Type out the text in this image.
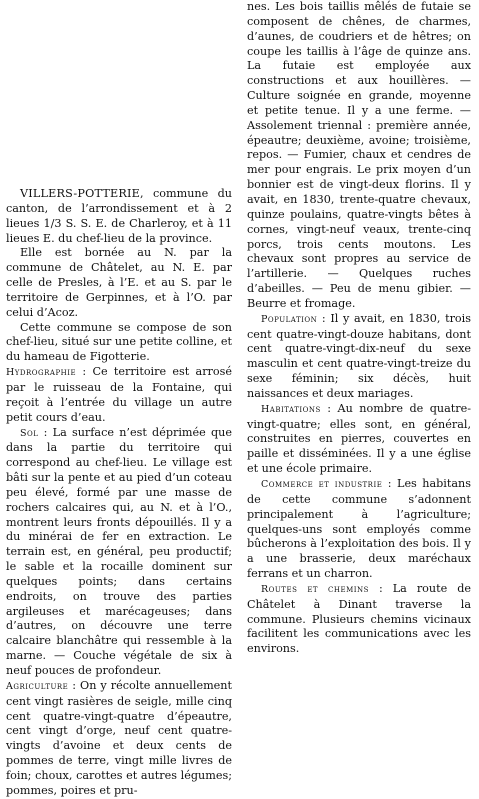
VILLERS-POTTERIE, commune du canton, de l’arrondissement et à 2 lieues 1/3 S. S. E. de Charleroy, et à 11 lieues E. du chef-lieu de la province.

Elle est bornée au N. par la commune de Châtelet, au N. E. par celle de Presles, à l’E. et au S. par le territoire de Gerpinnes, et à l’O. par celui d’Acoz.

Cette commune se compose de son chef-lieu, situé sur une petite colline, et du hameau de Figotterie.

Hydrographie : Ce territoire est arrosé par le ruisseau de la Fontaine, qui reçoit à l’entrée du village un autre petit cours d’eau.

Sol : La surface n’est déprimée que dans la partie du territoire qui correspond au chef-lieu. Le village est bâti sur la pente et au pied d’un coteau peu élevé, formé par une masse de rochers calcaires qui, au N. et à l’O., montrent leurs fronts dépouillés. Il y a du minérai de fer en extraction. Le terrain est, en général, peu productif; le sable et la rocaille dominent sur quelques points; dans certains endroits, on trouve des parties argileuses et marécageuses; dans d’autres, on découvre une terre calcaire blanchâtre qui ressemble à la marne. — Couche végétale de six à neuf pouces de profondeur.

Agriculture : On y récolte annuellement cent vingt rasières de seigle, mille cinq cent quatre-vingt-quatre d’épeautre, cent vingt d’orge, neuf cent quatre-vingts d’avoine et deux cents de pommes de terre, vingt mille livres de foin; choux, carottes et autres légumes; pommes, poires et pru-

nes. Les bois taillis mêlés de futaie se composent de chênes, de charmes, d’aunes, de coudriers et de hêtres; on coupe les taillis à l’âge de quinze ans. La futaie est employée aux constructions et aux houillères. — Culture soignée en grande, moyenne et petite tenue. Il y a une ferme. — Assolement triennal : première année, épeautre; deuxième, avoine; troisième, repos. — Fumier, chaux et cendres de mer pour engrais. Le prix moyen d’un bonnier est de vingt-deux florins. Il y avait, en 1830, trente-quatre chevaux, quinze poulains, quatre-vingts bêtes à cornes, vingt-neuf veaux, trente-cinq porcs, trois cents moutons. Les chevaux sont propres au service de l’artillerie. — Quelques ruches d’abeilles. — Peu de menu gibier. — Beurre et fromage.

Population : Il y avait, en 1830, trois cent quatre-vingt-douze habitans, dont cent quatre-vingt-dix-neuf du sexe masculin et cent quatre-vingt-treize du sexe féminin; six décès, huit naissances et deux mariages.

Habitations : Au nombre de quatre-vingt-quatre; elles sont, en général, construites en pierres, couvertes en paille et disséminées. Il y a une église et une école primaire.

Commerce et industrie : Les habitans de cette commune s’adonnent principalement à l’agriculture; quelques-uns sont employés comme bûcherons à l’exploitation des bois. Il y a une brasserie, deux maréchaux ferrans et un charron.

Routes et chemins : La route de Châtelet à Dinant traverse la commune. Plusieurs chemins vicinaux facilitent les communications avec les environs.
